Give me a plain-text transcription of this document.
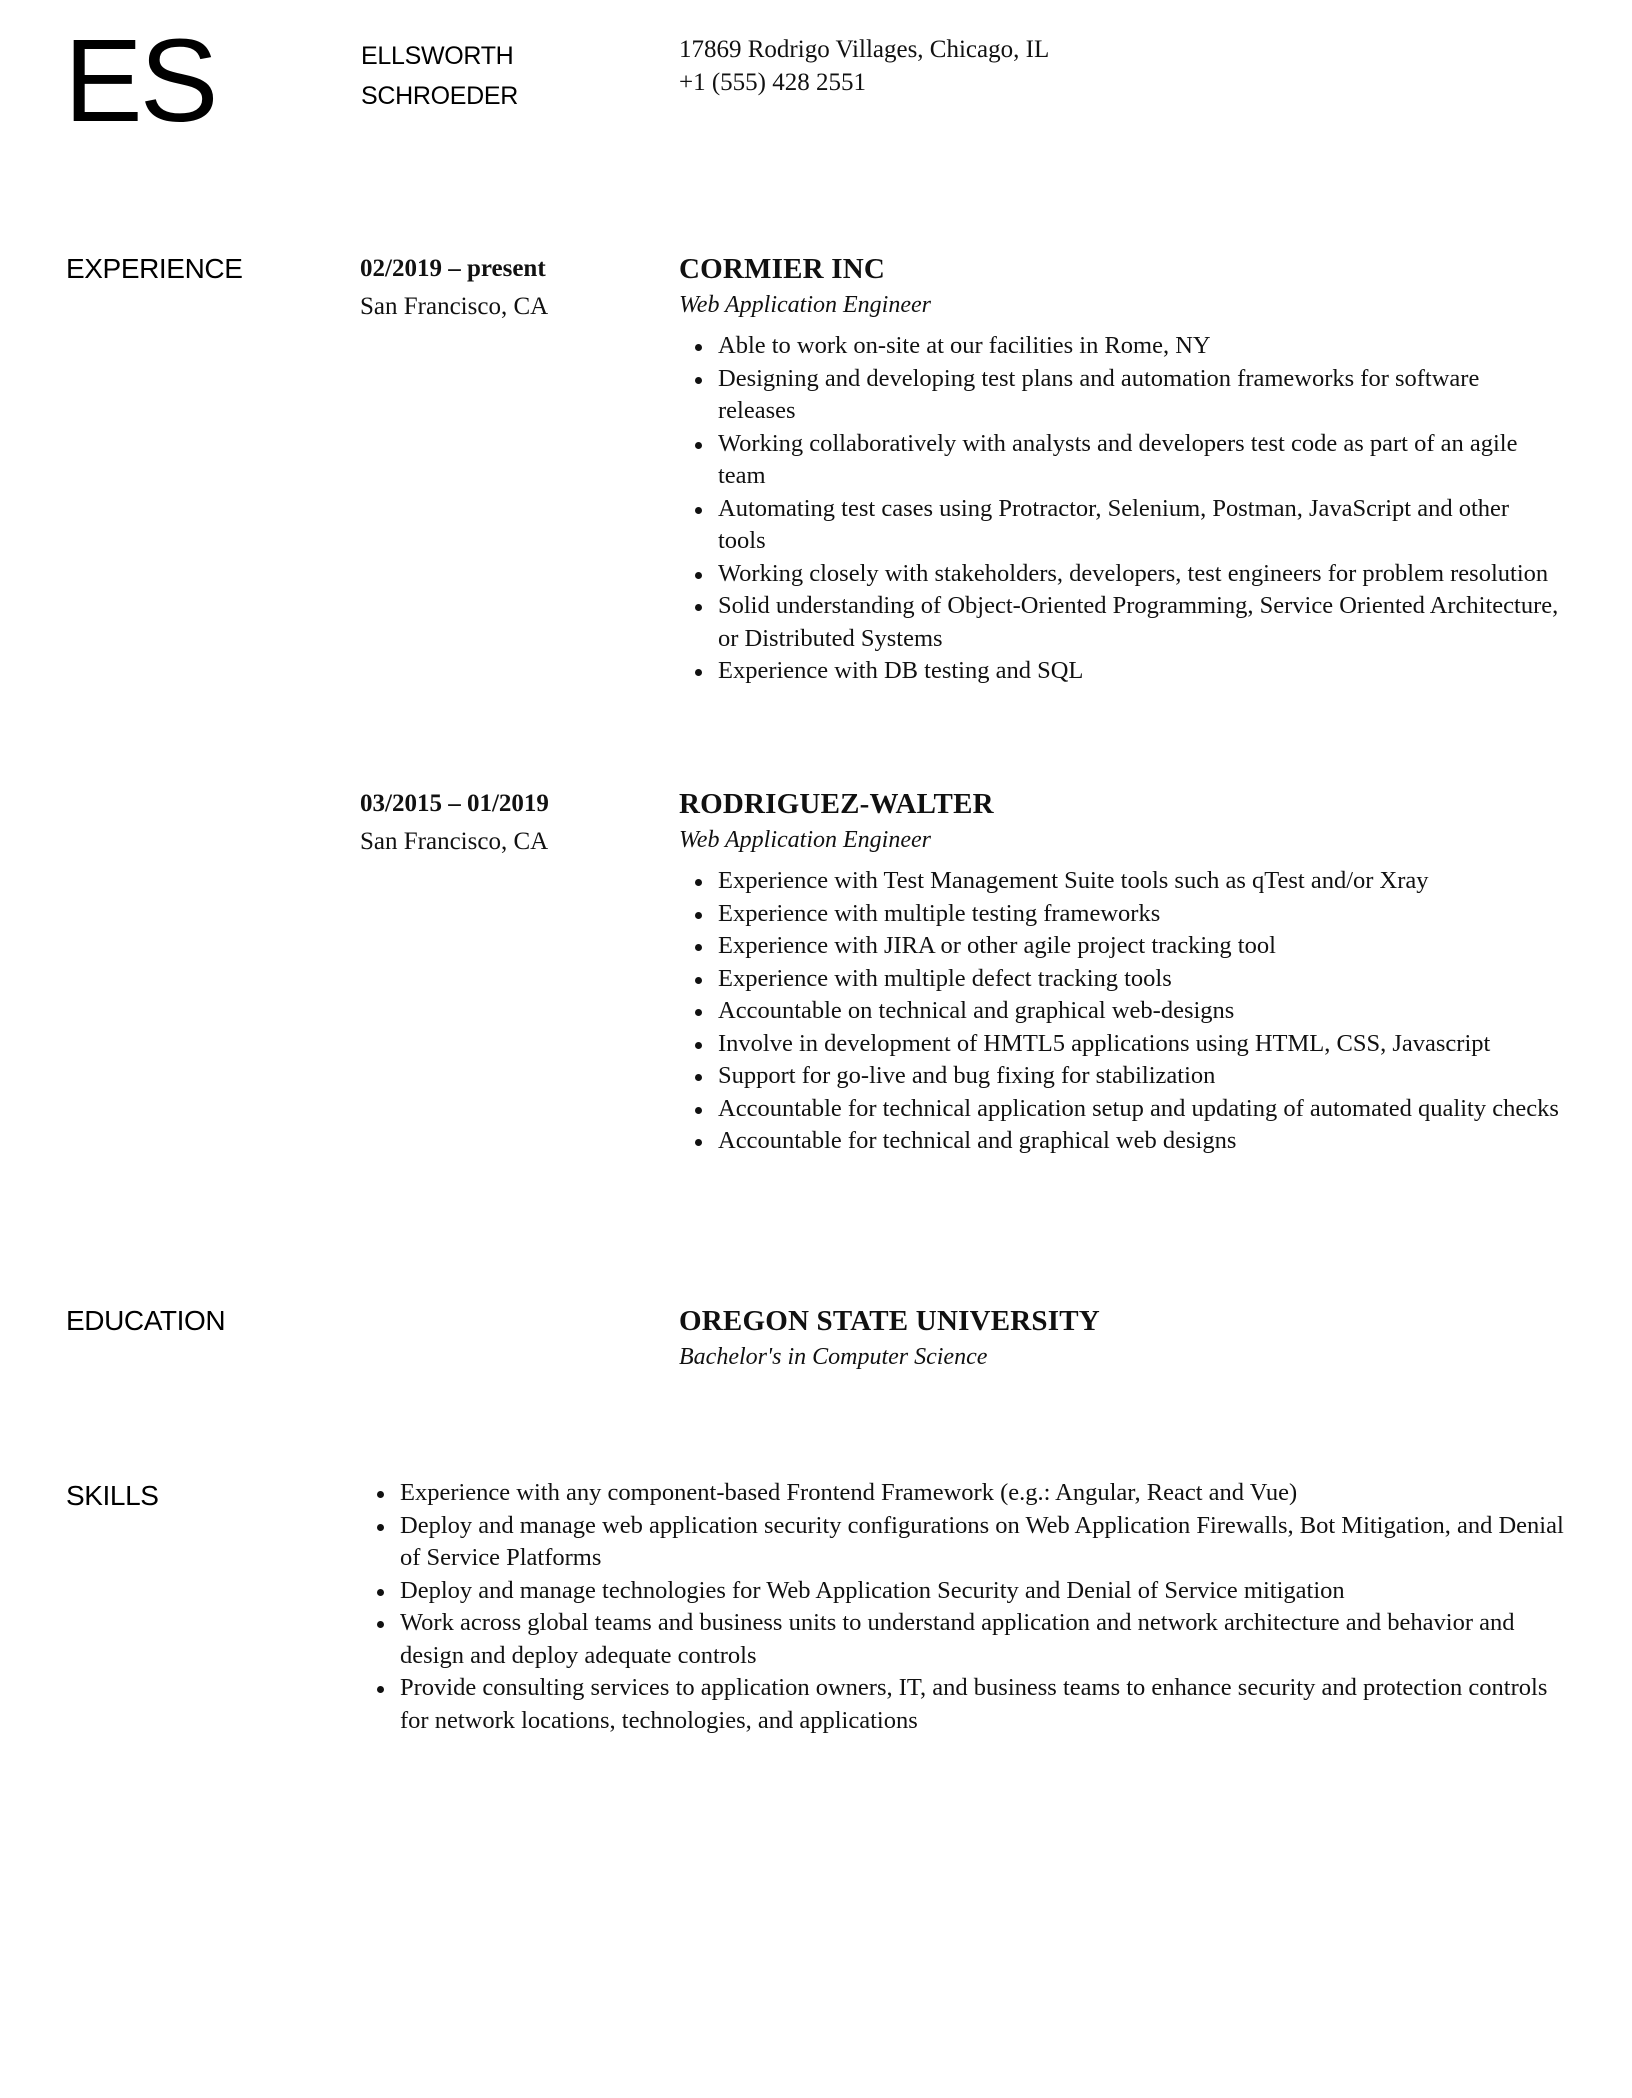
ES	ELLSWORTH
SCHROEDER
17869 Rodrigo Villages, Chicago, IL
+1 (555) 428 2551
EXPERIENCE	02/2019 – present
San Francisco, CA
CORMIER INC
Web Application Engineer
Able to work on-site at our facilities in Rome, NY
Designing and developing test plans and automation frameworks for software releases
Working collaboratively with analysts and developers test code as part of an agile team
Automating test cases using Protractor, Selenium, Postman, JavaScript and other tools
Working closely with stakeholders, developers, test engineers for problem resolution
Solid understanding of Object-Oriented Programming, Service Oriented Architecture, or Distributed Systems
Experience with DB testing and SQL
03/2015 – 01/2019
San Francisco, CA
RODRIGUEZ-WALTER
Web Application Engineer
Experience with Test Management Suite tools such as qTest and/or Xray
Experience with multiple testing frameworks
Experience with JIRA or other agile project tracking tool
Experience with multiple defect tracking tools
Accountable on technical and graphical web-designs
Involve in development of HMTL5 applications using HTML, CSS, Javascript
Support for go-live and bug fixing for stabilization
Accountable for technical application setup and updating of automated quality checks
Accountable for technical and graphical web designs
EDUCATION	OREGON STATE UNIVERSITY
Bachelor's in Computer Science
SKILLS	Experience with any component-based Frontend Framework (e.g.: Angular, React and Vue)
Deploy and manage web application security configurations on Web Application Firewalls, Bot Mitigation, and Denial of Service Platforms
Deploy and manage technologies for Web Application Security and Denial of Service mitigation
Work across global teams and business units to understand application and network architecture and behavior and design and deploy adequate controls
Provide consulting services to application owners, IT, and business teams to enhance security and protection controls for network locations, technologies, and applications
